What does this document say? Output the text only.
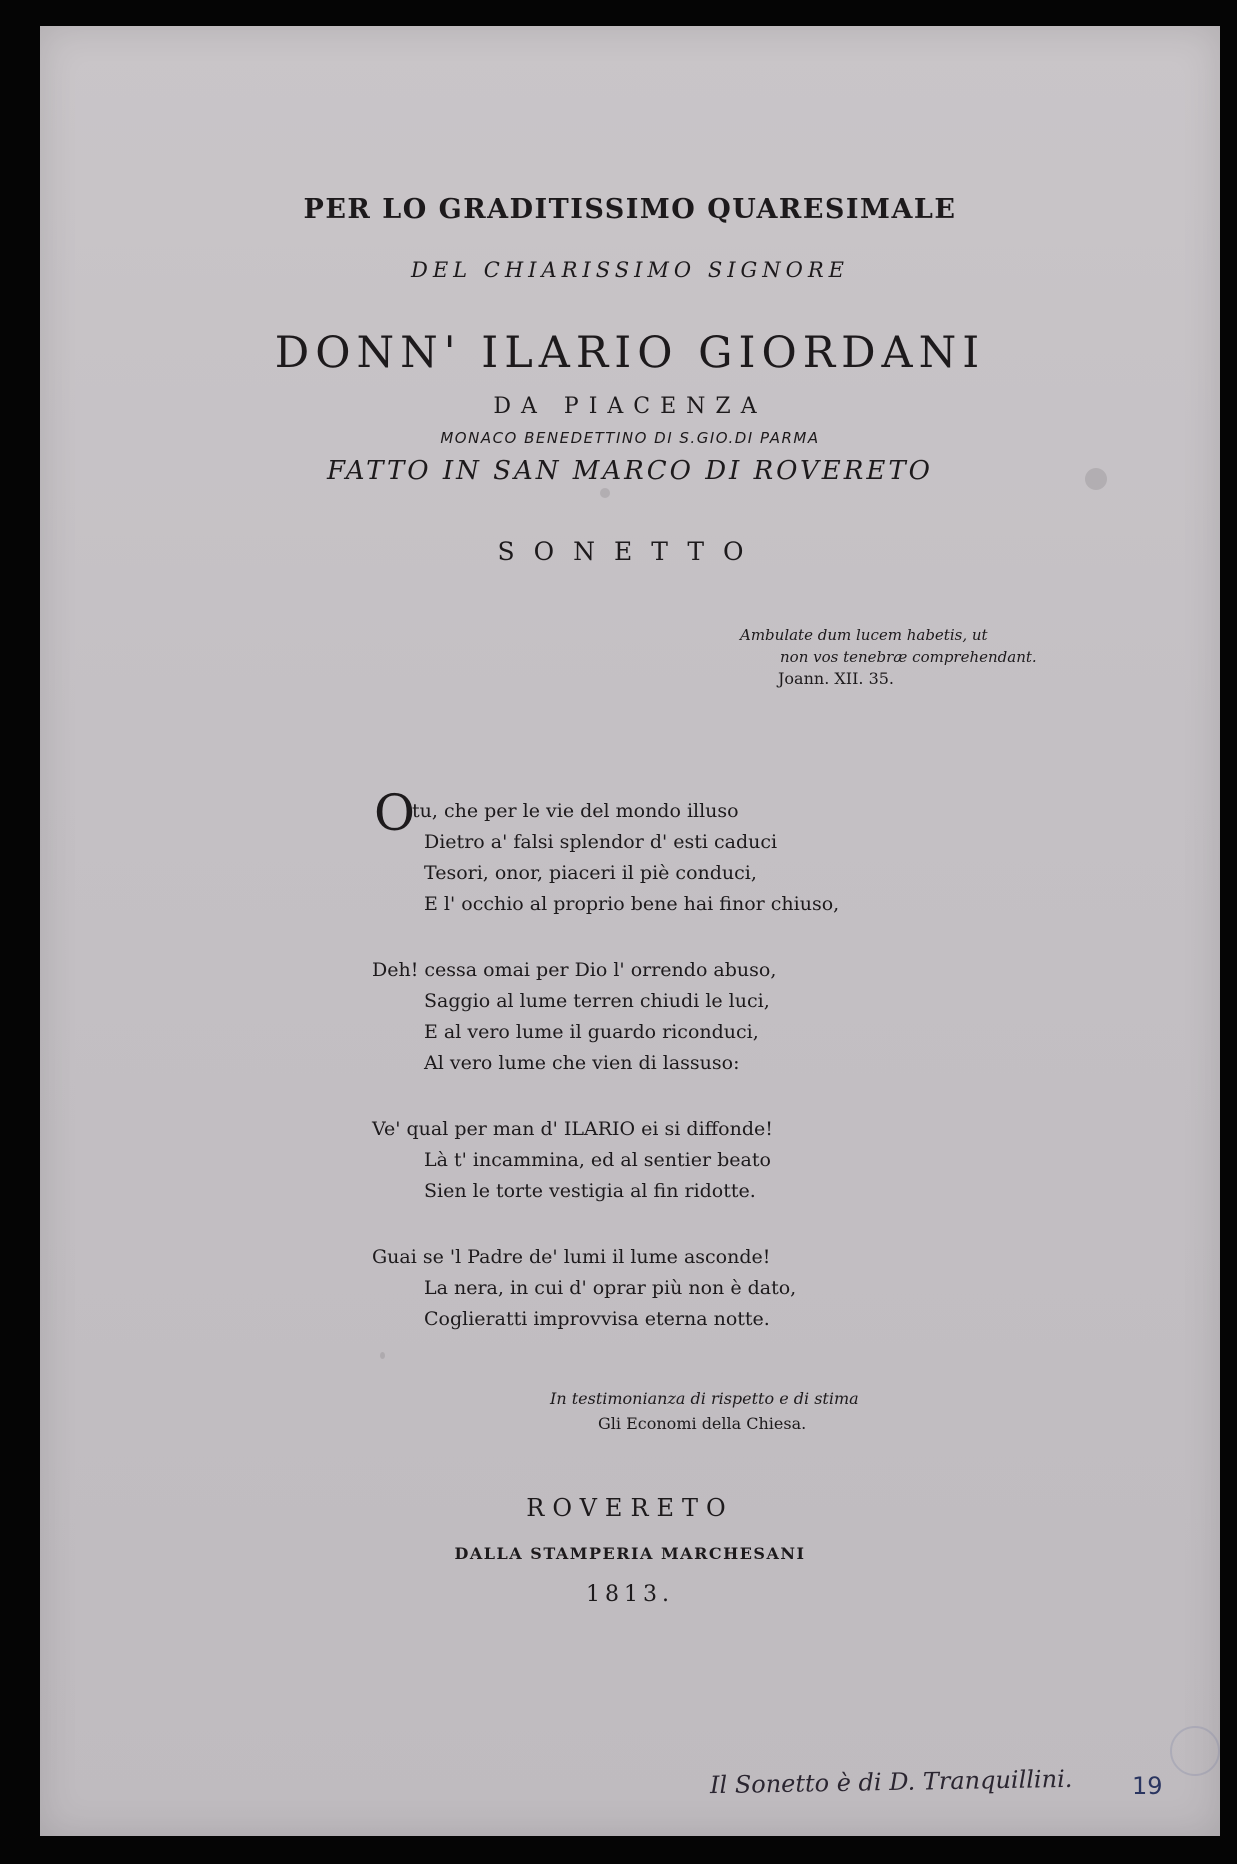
PER LO GRADITISSIMO QUARESIMALE
DEL CHIARISSIMO SIGNORE
DONN' ILARIO GIORDANI
DA PIACENZA
MONACO BENEDETTINO DI S.GIO.DI PARMA
FATTO IN SAN MARCO DI ROVERETO
SONETTO
Ambulate dum lucem habetis, ut
non vos tenebræ comprehendant.
Joann. XII. 35.
O
tu, che per le vie del mondo illuso
Dietro a' falsi splendor d' esti caduci
Tesori, onor, piaceri il piè conduci,
E l' occhio al proprio bene hai finor chiuso,
Deh! cessa omai per Dio l' orrendo abuso,
Saggio al lume terren chiudi le luci,
E al vero lume il guardo riconduci,
Al vero lume che vien di lassuso:
Ve' qual per man d' ILARIO ei si diffonde!
Là t' incammina, ed al sentier beato
Sien le torte vestigia al fin ridotte.
Guai se 'l Padre de' lumi il lume asconde!
La nera, in cui d' oprar più non è dato,
Coglieratti improvvisa eterna notte.
In testimonianza di rispetto e di stima
Gli Economi della Chiesa.
ROVERETO
DALLA STAMPERIA MARCHESANI
1813.
Il Sonetto è di D. Tranquillini. 19
